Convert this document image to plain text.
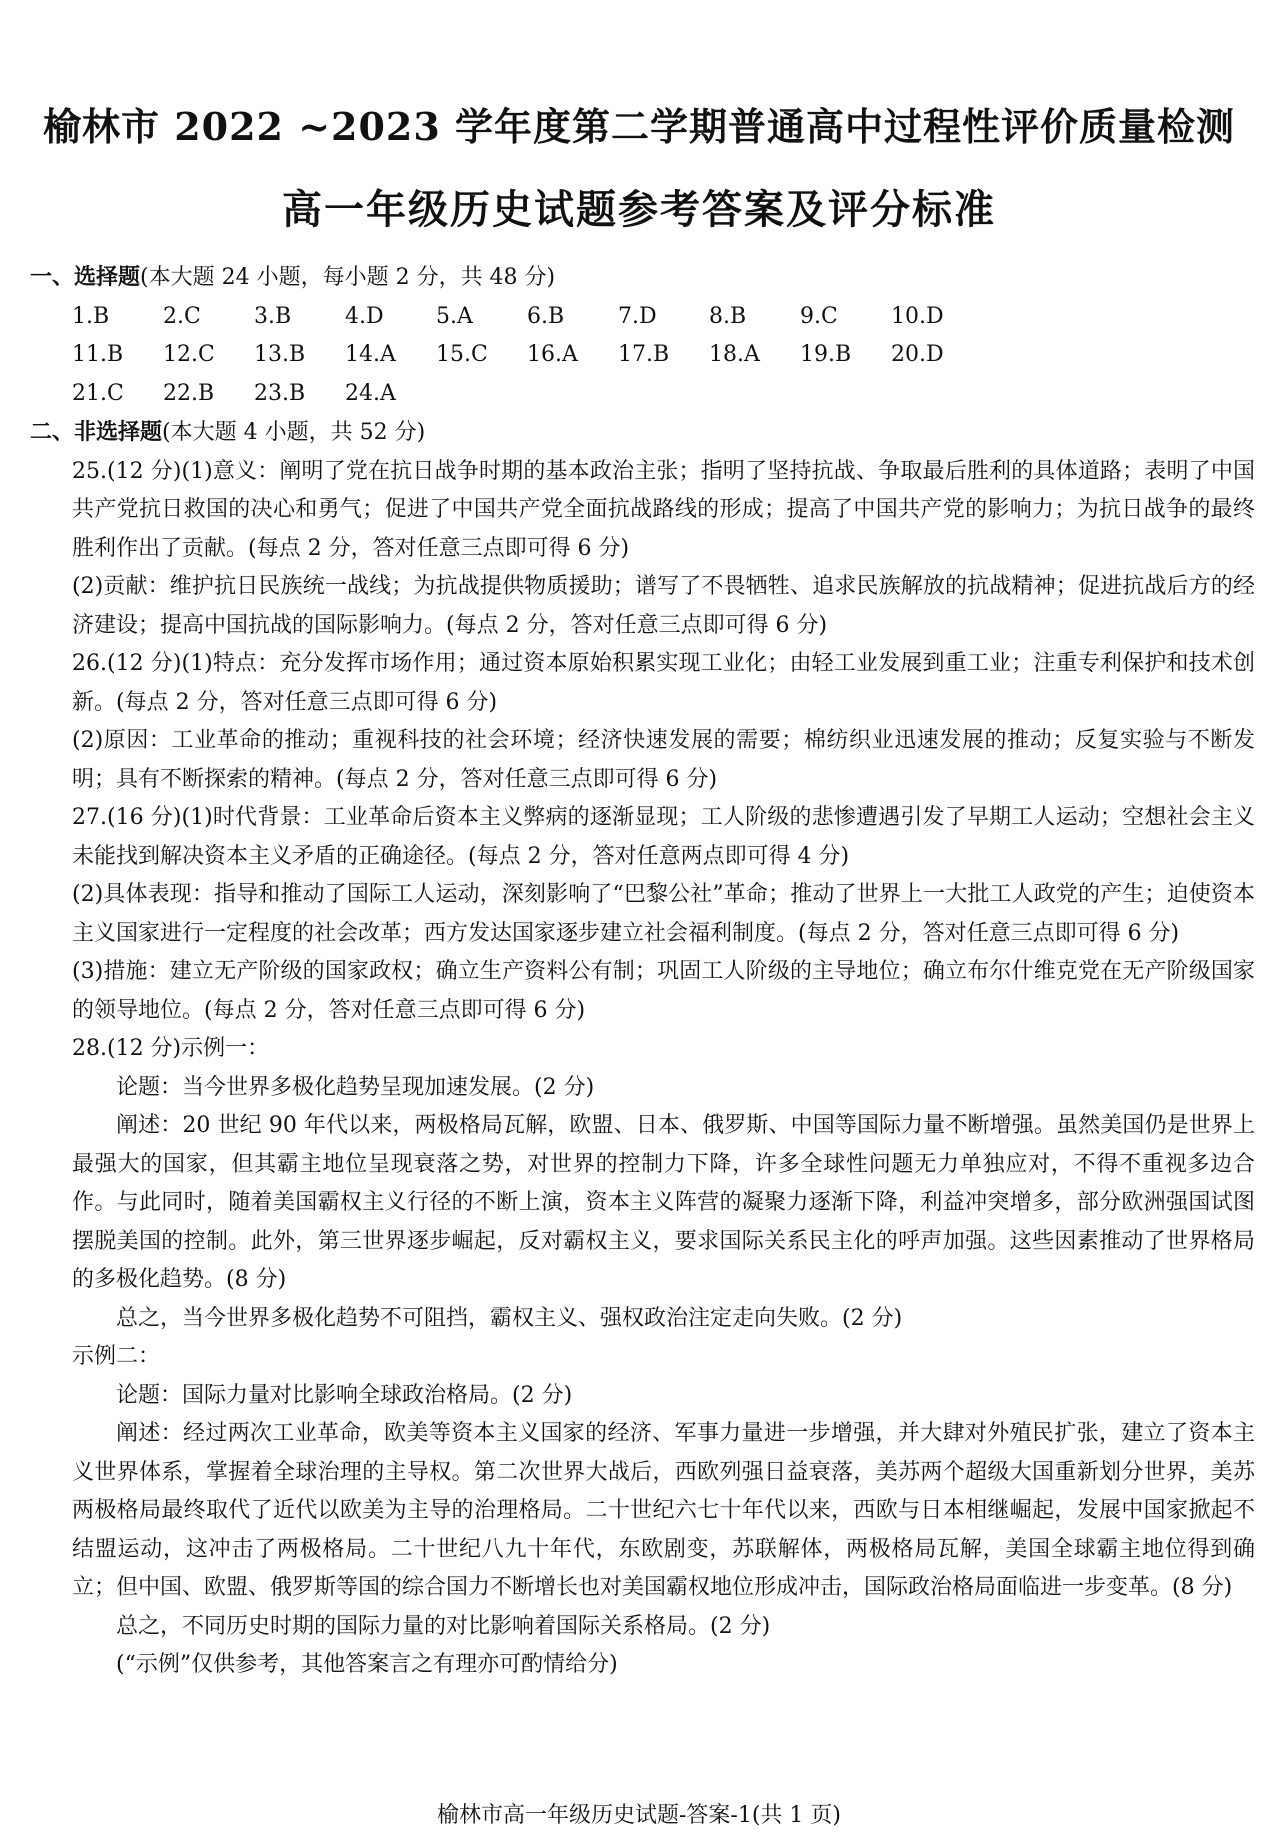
榆林市 2022 ~2023 学年度第二学期普通高中过程性评价质量检测
高一年级历史试题参考答案及评分标准

一、选择题(本大题 24 小题，每小题 2 分，共 48 分)

1.B	2.C	3.B	4.D	5.A	6.B	7.D	8.B	9.C	10.D
11.B	12.C	13.B	14.A	15.C	16.A	17.B	18.A	19.B	20.D
21.C	22.B	23.B	24.A

二、非选择题(本大题 4 小题，共 52 分)

25.(12 分)(1)意义：阐明了党在抗日战争时期的基本政治主张；指明了坚持抗战、争取最后胜利的具体道路；表明了中国共产党抗日救国的决心和勇气；促进了中国共产党全面抗战路线的形成；提高了中国共产党的影响力；为抗日战争的最终胜利作出了贡献。(每点 2 分，答对任意三点即可得 6 分)

(2)贡献：维护抗日民族统一战线；为抗战提供物质援助；谱写了不畏牺牲、追求民族解放的抗战精神；促进抗战后方的经济建设；提高中国抗战的国际影响力。(每点 2 分，答对任意三点即可得 6 分)

26.(12 分)(1)特点：充分发挥市场作用；通过资本原始积累实现工业化；由轻工业发展到重工业；注重专利保护和技术创新。(每点 2 分，答对任意三点即可得 6 分)

(2)原因：工业革命的推动；重视科技的社会环境；经济快速发展的需要；棉纺织业迅速发展的推动；反复实验与不断发明；具有不断探索的精神。(每点 2 分，答对任意三点即可得 6 分)

27.(16 分)(1)时代背景：工业革命后资本主义弊病的逐渐显现；工人阶级的悲惨遭遇引发了早期工人运动；空想社会主义未能找到解决资本主义矛盾的正确途径。(每点 2 分，答对任意两点即可得 4 分)

(2)具体表现：指导和推动了国际工人运动，深刻影响了“巴黎公社”革命；推动了世界上一大批工人政党的产生；迫使资本主义国家进行一定程度的社会改革；西方发达国家逐步建立社会福利制度。(每点 2 分，答对任意三点即可得 6 分)

(3)措施：建立无产阶级的国家政权；确立生产资料公有制；巩固工人阶级的主导地位；确立布尔什维克党在无产阶级国家的领导地位。(每点 2 分，答对任意三点即可得 6 分)

28.(12 分)示例一：

论题：当今世界多极化趋势呈现加速发展。(2 分)

阐述：20 世纪 90 年代以来，两极格局瓦解，欧盟、日本、俄罗斯、中国等国际力量不断增强。虽然美国仍是世界上最强大的国家，但其霸主地位呈现衰落之势，对世界的控制力下降，许多全球性问题无力单独应对，不得不重视多边合作。与此同时，随着美国霸权主义行径的不断上演，资本主义阵营的凝聚力逐渐下降，利益冲突增多，部分欧洲强国试图摆脱美国的控制。此外，第三世界逐步崛起，反对霸权主义，要求国际关系民主化的呼声加强。这些因素推动了世界格局的多极化趋势。(8 分)

总之，当今世界多极化趋势不可阻挡，霸权主义、强权政治注定走向失败。(2 分)

示例二：

论题：国际力量对比影响全球政治格局。(2 分)

阐述：经过两次工业革命，欧美等资本主义国家的经济、军事力量进一步增强，并大肆对外殖民扩张，建立了资本主义世界体系，掌握着全球治理的主导权。第二次世界大战后，西欧列强日益衰落，美苏两个超级大国重新划分世界，美苏两极格局最终取代了近代以欧美为主导的治理格局。二十世纪六七十年代以来，西欧与日本相继崛起，发展中国家掀起不结盟运动，这冲击了两极格局。二十世纪八九十年代，东欧剧变，苏联解体，两极格局瓦解，美国全球霸主地位得到确立；但中国、欧盟、俄罗斯等国的综合国力不断增长也对美国霸权地位形成冲击，国际政治格局面临进一步变革。(8 分)

总之，不同历史时期的国际力量的对比影响着国际关系格局。(2 分)

(“示例”仅供参考，其他答案言之有理亦可酌情给分)

榆林市高一年级历史试题-答案-1(共 1 页)
